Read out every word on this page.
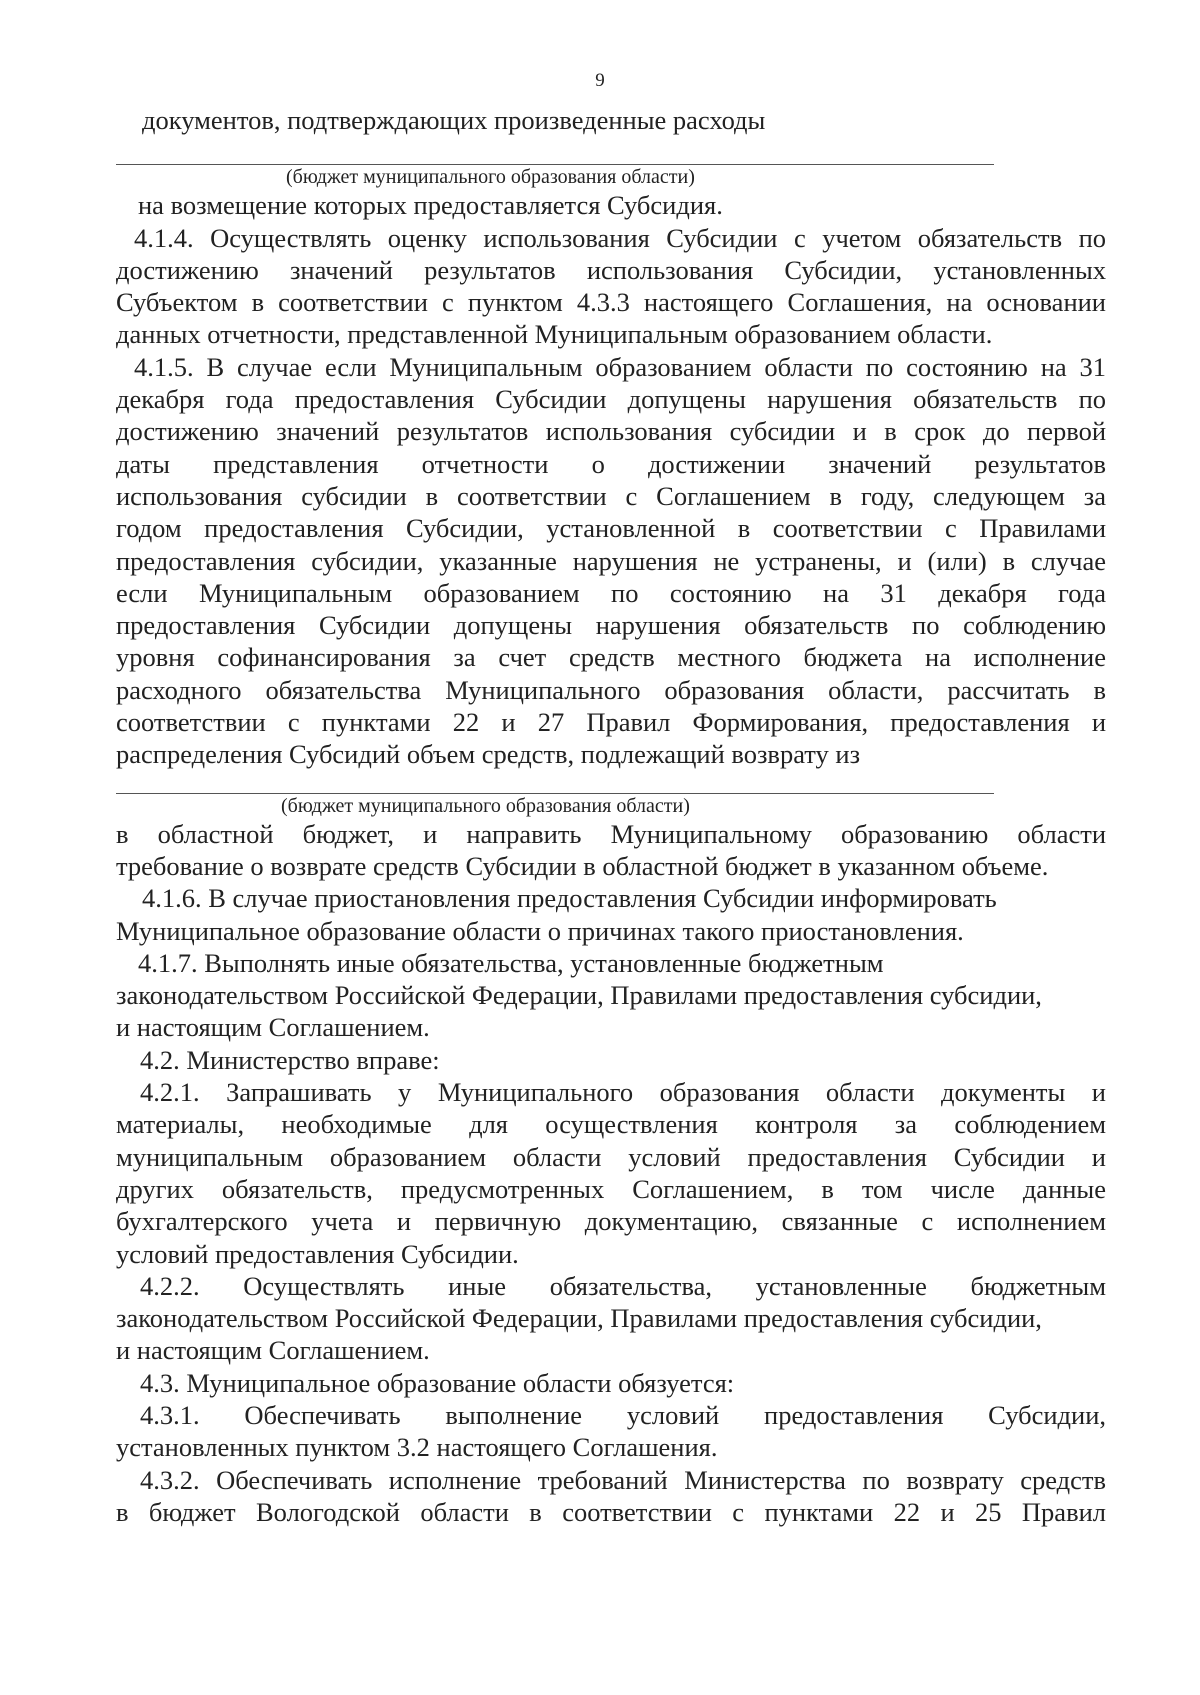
9
документов, подтверждающих произведенные расходы
(бюджет муниципального образования области)
на возмещение которых предоставляется Субсидия.
4.1.4. Осуществлять оценку использования Субсидии с учетом обязательств по
достижению значений результатов использования Субсидии, установленных
Субъектом в соответствии с пунктом 4.3.3 настоящего Соглашения, на основании
данных отчетности, представленной Муниципальным образованием области.
4.1.5. В случае если Муниципальным образованием области по состоянию на 31
декабря года предоставления Субсидии допущены нарушения обязательств по
достижению значений результатов использования субсидии и в срок до первой
даты представления отчетности о достижении значений результатов
использования субсидии в соответствии с Соглашением в году, следующем за
годом предоставления Субсидии, установленной в соответствии с Правилами
предоставления субсидии, указанные нарушения не устранены, и (или) в случае
если Муниципальным образованием по состоянию на 31 декабря года
предоставления Субсидии допущены нарушения обязательств по соблюдению
уровня софинансирования за счет средств местного бюджета на исполнение
расходного обязательства Муниципального образования области, рассчитать в
соответствии с пунктами 22 и 27 Правил Формирования, предоставления и
распределения Субсидий объем средств, подлежащий возврату из
(бюджет муниципального образования области)
в областной бюджет, и направить Муниципальному образованию области
требование о возврате средств Субсидии в областной бюджет в указанном объеме.
4.1.6. В случае приостановления предоставления Субсидии информировать
Муниципальное образование области о причинах такого приостановления.
4.1.7. Выполнять иные обязательства, установленные бюджетным
законодательством Российской Федерации, Правилами предоставления субсидии,
и настоящим Соглашением.
4.2. Министерство вправе:
4.2.1. Запрашивать у Муниципального образования области документы и
материалы, необходимые для осуществления контроля за соблюдением
муниципальным образованием области условий предоставления Субсидии и
других обязательств, предусмотренных Соглашением, в том числе данные
бухгалтерского учета и первичную документацию, связанные с исполнением
условий предоставления Субсидии.
4.2.2. Осуществлять иные обязательства, установленные бюджетным
законодательством Российской Федерации, Правилами предоставления субсидии,
и настоящим Соглашением.
4.3. Муниципальное образование области обязуется:
4.3.1. Обеспечивать выполнение условий предоставления Субсидии,
установленных пунктом 3.2 настоящего Соглашения.
4.3.2. Обеспечивать исполнение требований Министерства по возврату средств
в бюджет Вологодской области в соответствии с пунктами 22 и 25 Правил
